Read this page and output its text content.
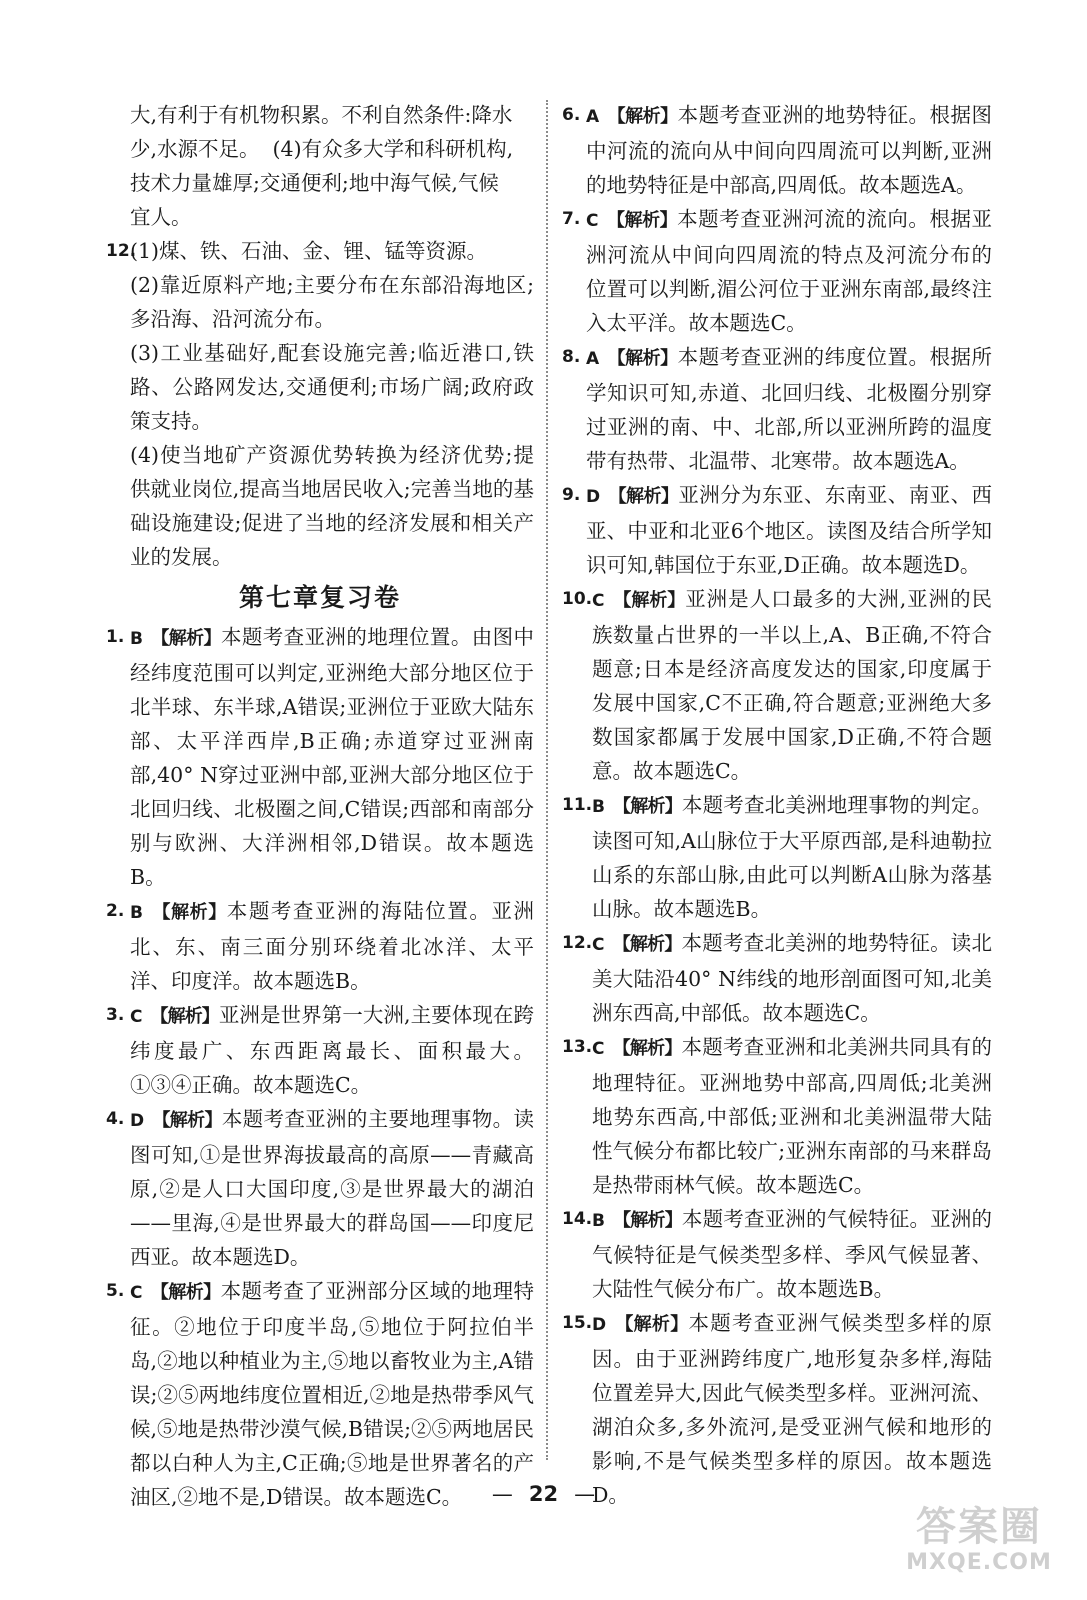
大,有利于有机物积累。不利自然条件:降水

少,水源不足。  (4)有众多大学和科研机构,

技术力量雄厚;交通便利;地中海气候,气候

宜人。

12.
(1)煤、铁、石油、金、锂、锰等资源。
(2)靠近原料产地;主要分布在东部沿海地区;多沿海、沿河流分布。
(3)工业基础好,配套设施完善;临近港口,铁路、公路网发达,交通便利;市场广阔;政府政策支持。
(4)使当地矿产资源优势转换为经济优势;提供就业岗位,提高当地居民收入;完善当地的基础设施建设;促进了当地的经济发展和相关产业的发展。
第七章复习卷
1. B 【解析】本题考查亚洲的地理位置。由图中经纬度范围可以判定,亚洲绝大部分地区位于北半球、东半球,A错误;亚洲位于亚欧大陆东部、太平洋西岸,B正确;赤道穿过亚洲南部,40° N穿过亚洲中部,亚洲大部分地区位于北回归线、北极圈之间,C错误;西部和南部分别与欧洲、大洋洲相邻,D错误。故本题选B。
2. B 【解析】本题考查亚洲的海陆位置。亚洲北、东、南三面分别环绕着北冰洋、太平洋、印度洋。故本题选B。
3. C 【解析】亚洲是世界第一大洲,主要体现在跨纬度最广、东西距离最长、面积最大。①③④正确。故本题选C。
4. D 【解析】本题考查亚洲的主要地理事物。读图可知,①是世界海拔最高的高原——青藏高原,②是人口大国印度,③是世界最大的湖泊——里海,④是世界最大的群岛国——印度尼西亚。故本题选D。
5. C 【解析】本题考查了亚洲部分区域的地理特征。②地位于印度半岛,⑤地位于阿拉伯半岛,②地以种植业为主,⑤地以畜牧业为主,A错误;②⑤两地纬度位置相近,②地是热带季风气候,⑤地是热带沙漠气候,B错误;②⑤两地居民都以白种人为主,C正确;⑤地是世界著名的产油区,②地不是,D错误。故本题选C。
6. A 【解析】本题考查亚洲的地势特征。根据图中河流的流向从中间向四周流可以判断,亚洲的地势特征是中部高,四周低。故本题选A。
7. C 【解析】本题考查亚洲河流的流向。根据亚洲河流从中间向四周流的特点及河流分布的位置可以判断,湄公河位于亚洲东南部,最终注入太平洋。故本题选C。
8. A 【解析】本题考查亚洲的纬度位置。根据所学知识可知,赤道、北回归线、北极圈分别穿过亚洲的南、中、北部,所以亚洲所跨的温度带有热带、北温带、北寒带。故本题选A。
9. D 【解析】亚洲分为东亚、东南亚、南亚、西亚、中亚和北亚6个地区。读图及结合所学知识可知,韩国位于东亚,D正确。故本题选D。
10. C 【解析】亚洲是人口最多的大洲,亚洲的民族数量占世界的一半以上,A、B正确,不符合题意;日本是经济高度发达的国家,印度属于发展中国家,C不正确,符合题意;亚洲绝大多数国家都属于发展中国家,D正确,不符合题意。故本题选C。
11. B 【解析】本题考查北美洲地理事物的判定。读图可知,A山脉位于大平原西部,是科迪勒拉山系的东部山脉,由此可以判断A山脉为落基山脉。故本题选B。
12. C 【解析】本题考查北美洲的地势特征。读北美大陆沿40° N纬线的地形剖面图可知,北美洲东西高,中部低。故本题选C。
13. C 【解析】本题考查亚洲和北美洲共同具有的地理特征。亚洲地势中部高,四周低;北美洲地势东西高,中部低;亚洲和北美洲温带大陆性气候分布都比较广;亚洲东南部的马来群岛是热带雨林气候。故本题选C。
14. B 【解析】本题考查亚洲的气候特征。亚洲的气候特征是气候类型多样、季风气候显著、大陆性气候分布广。故本题选B。
15. D 【解析】本题考查亚洲气候类型多样的原因。由于亚洲跨纬度广,地形复杂多样,海陆位置差异大,因此气候类型多样。亚洲河流、湖泊众多,多外流河,是受亚洲气候和地形的影响,不是气候类型多样的原因。故本题选D。
— 22 —
答案圈
MXQE.COM
